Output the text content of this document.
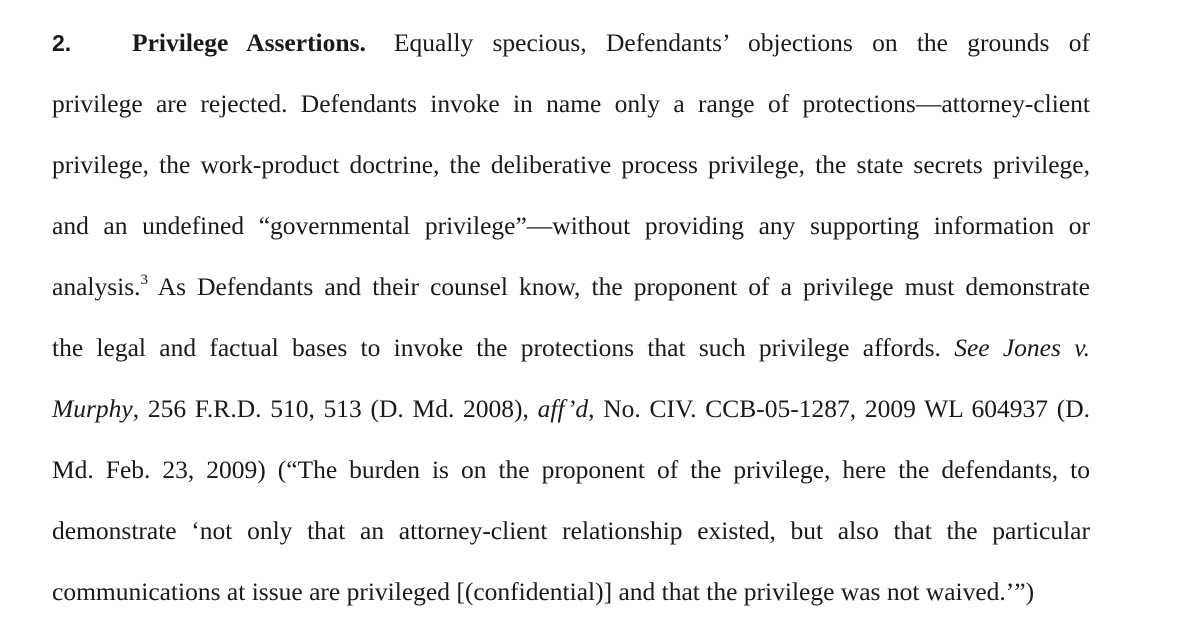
2. Privilege Assertions. Equally specious, Defendants’ objections on the grounds of
privilege are rejected. Defendants invoke in name only a range of protections—attorney-client
privilege, the work-product doctrine, the deliberative process privilege, the state secrets privilege,
and an undefined “governmental privilege”—without providing any supporting information or
analysis.$^3$ As Defendants and their counsel know, the proponent of a privilege must demonstrate
the legal and factual bases to invoke the protections that such privilege affords. See Jones v.
Murphy, 256 F.R.D. 510, 513 (D. Md. 2008), aff’d, No. CIV. CCB-05-1287, 2009 WL 604937 (D.
Md. Feb. 23, 2009) (“The burden is on the proponent of the privilege, here the defendants, to
demonstrate ‘not only that an attorney-client relationship existed, but also that the particular
communications at issue are privileged [(confidential)] and that the privilege was not waived.’”)
